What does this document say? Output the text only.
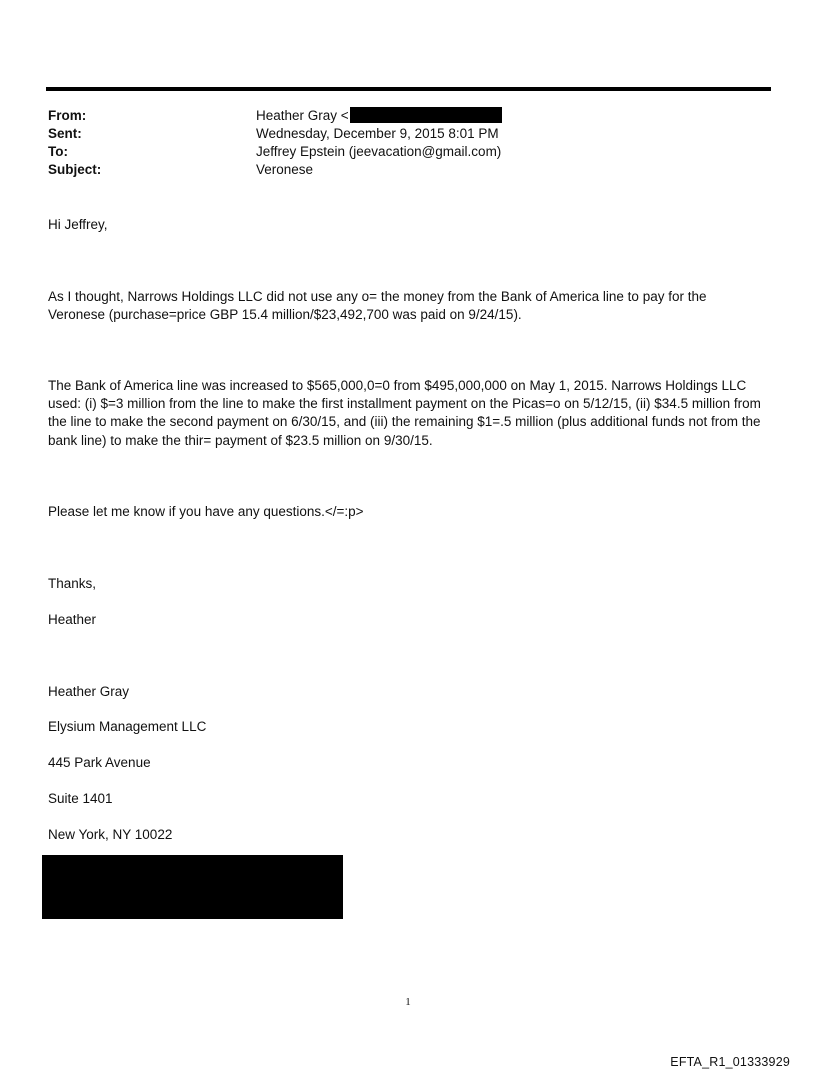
From:	Heather Gray <
Sent:	Wednesday, December 9, 2015 8:01 PM
To:	Jeffrey Epstein (jeevacation@gmail.com)
Subject:	Veronese

Hi Jeffrey,

As I thought, Narrows Holdings LLC did not use any o= the money from the Bank of America line to pay for the Veronese (purchase=price GBP 15.4 million/$23,492,700 was paid on 9/24/15).

The Bank of America line was increased to $565,000,0=0 from $495,000,000 on May 1, 2015. Narrows Holdings LLC used: (i) $=3 million from the line to make the first installment payment on the Picas=o on 5/12/15, (ii) $34.5 million from the line to make the second payment on 6/30/15, and (iii) the remaining $1=.5 million (plus additional funds not from the bank line) to make the thir= payment of $23.5 million on 9/30/15.

Please let me know if you have any questions.</=:p>

Thanks,

Heather

Heather Gray

Elysium Management LLC

445 Park Avenue

Suite 1401

New York, NY 10022

1
EFTA_R1_01333929
